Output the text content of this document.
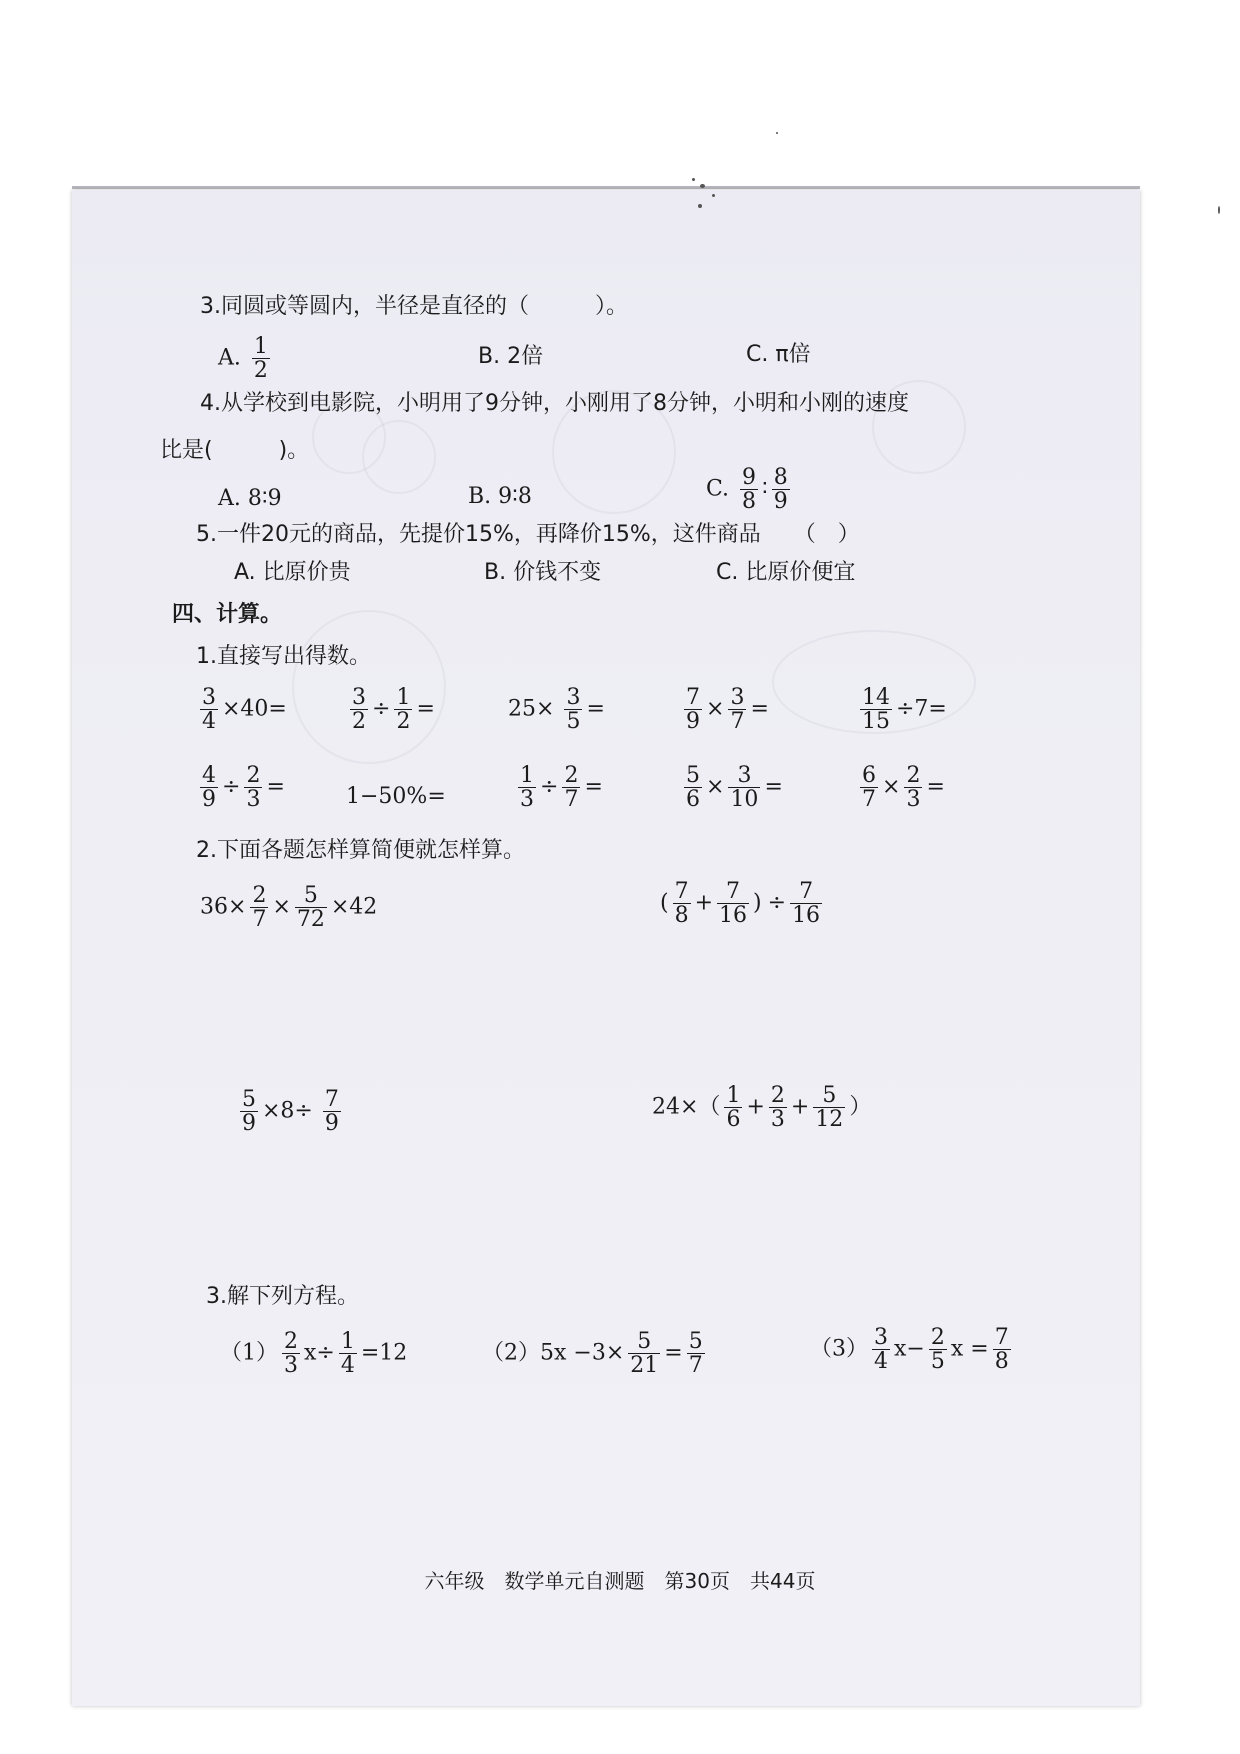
3.同圆或等圆内，半径是直径的（　　　）。
A. $\frac{1}{2}$	B. 2倍	C. π倍
4.从学校到电影院，小明用了9分钟，小刚用了8分钟，小明和小刚的速度
比是(　　　)。
A. 8∶9	B. 9∶8	C. $\frac{9}{8}$ ∶ $\frac{8}{9}$
5.一件20元的商品，先提价15%，再降价15%，这件商品　　（　）
A. 比原价贵	B. 价钱不变	C. 比原价便宜
四、计算。
1.直接写出得数。
$\frac{3}{4} \times 40=$	$\frac{3}{2} \div \frac{1}{2}$ =	$25\times \frac{3}{5}$ =	$\frac{7}{9} \times \frac{3}{7}$ =	$\frac{14}{15} \div 7=$
$\frac{4}{9} \div \frac{2}{3}$ =	1−50%=	$\frac{1}{3} \div \frac{2}{7}$ =	$\frac{5}{6} \times \frac{3}{10}$ =	$\frac{6}{7} \times \frac{2}{3}$ =
2.下面各题怎样算简便就怎样算。
$36\times \frac{2}{7} \times \frac{5}{72} \times 42$	( $\frac{7}{8} + \frac{7}{16}$ ) ÷ $\frac{7}{16}$
$\frac{5}{9} \times 8\div \frac{7}{9}$	$24\times( \frac{1}{6} + \frac{2}{3} + \frac{5}{12}$ ）
3.解下列方程。
$(1) \frac{2}{3} x\div \frac{1}{4} =12$	$(2)5x -3\times \frac{5}{21} = \frac{5}{7}$	$(3) \frac{3}{4} x- \frac{2}{5}$ $x = \frac{7}{8}$
六年级　数学单元自测题　第30页　共44页
